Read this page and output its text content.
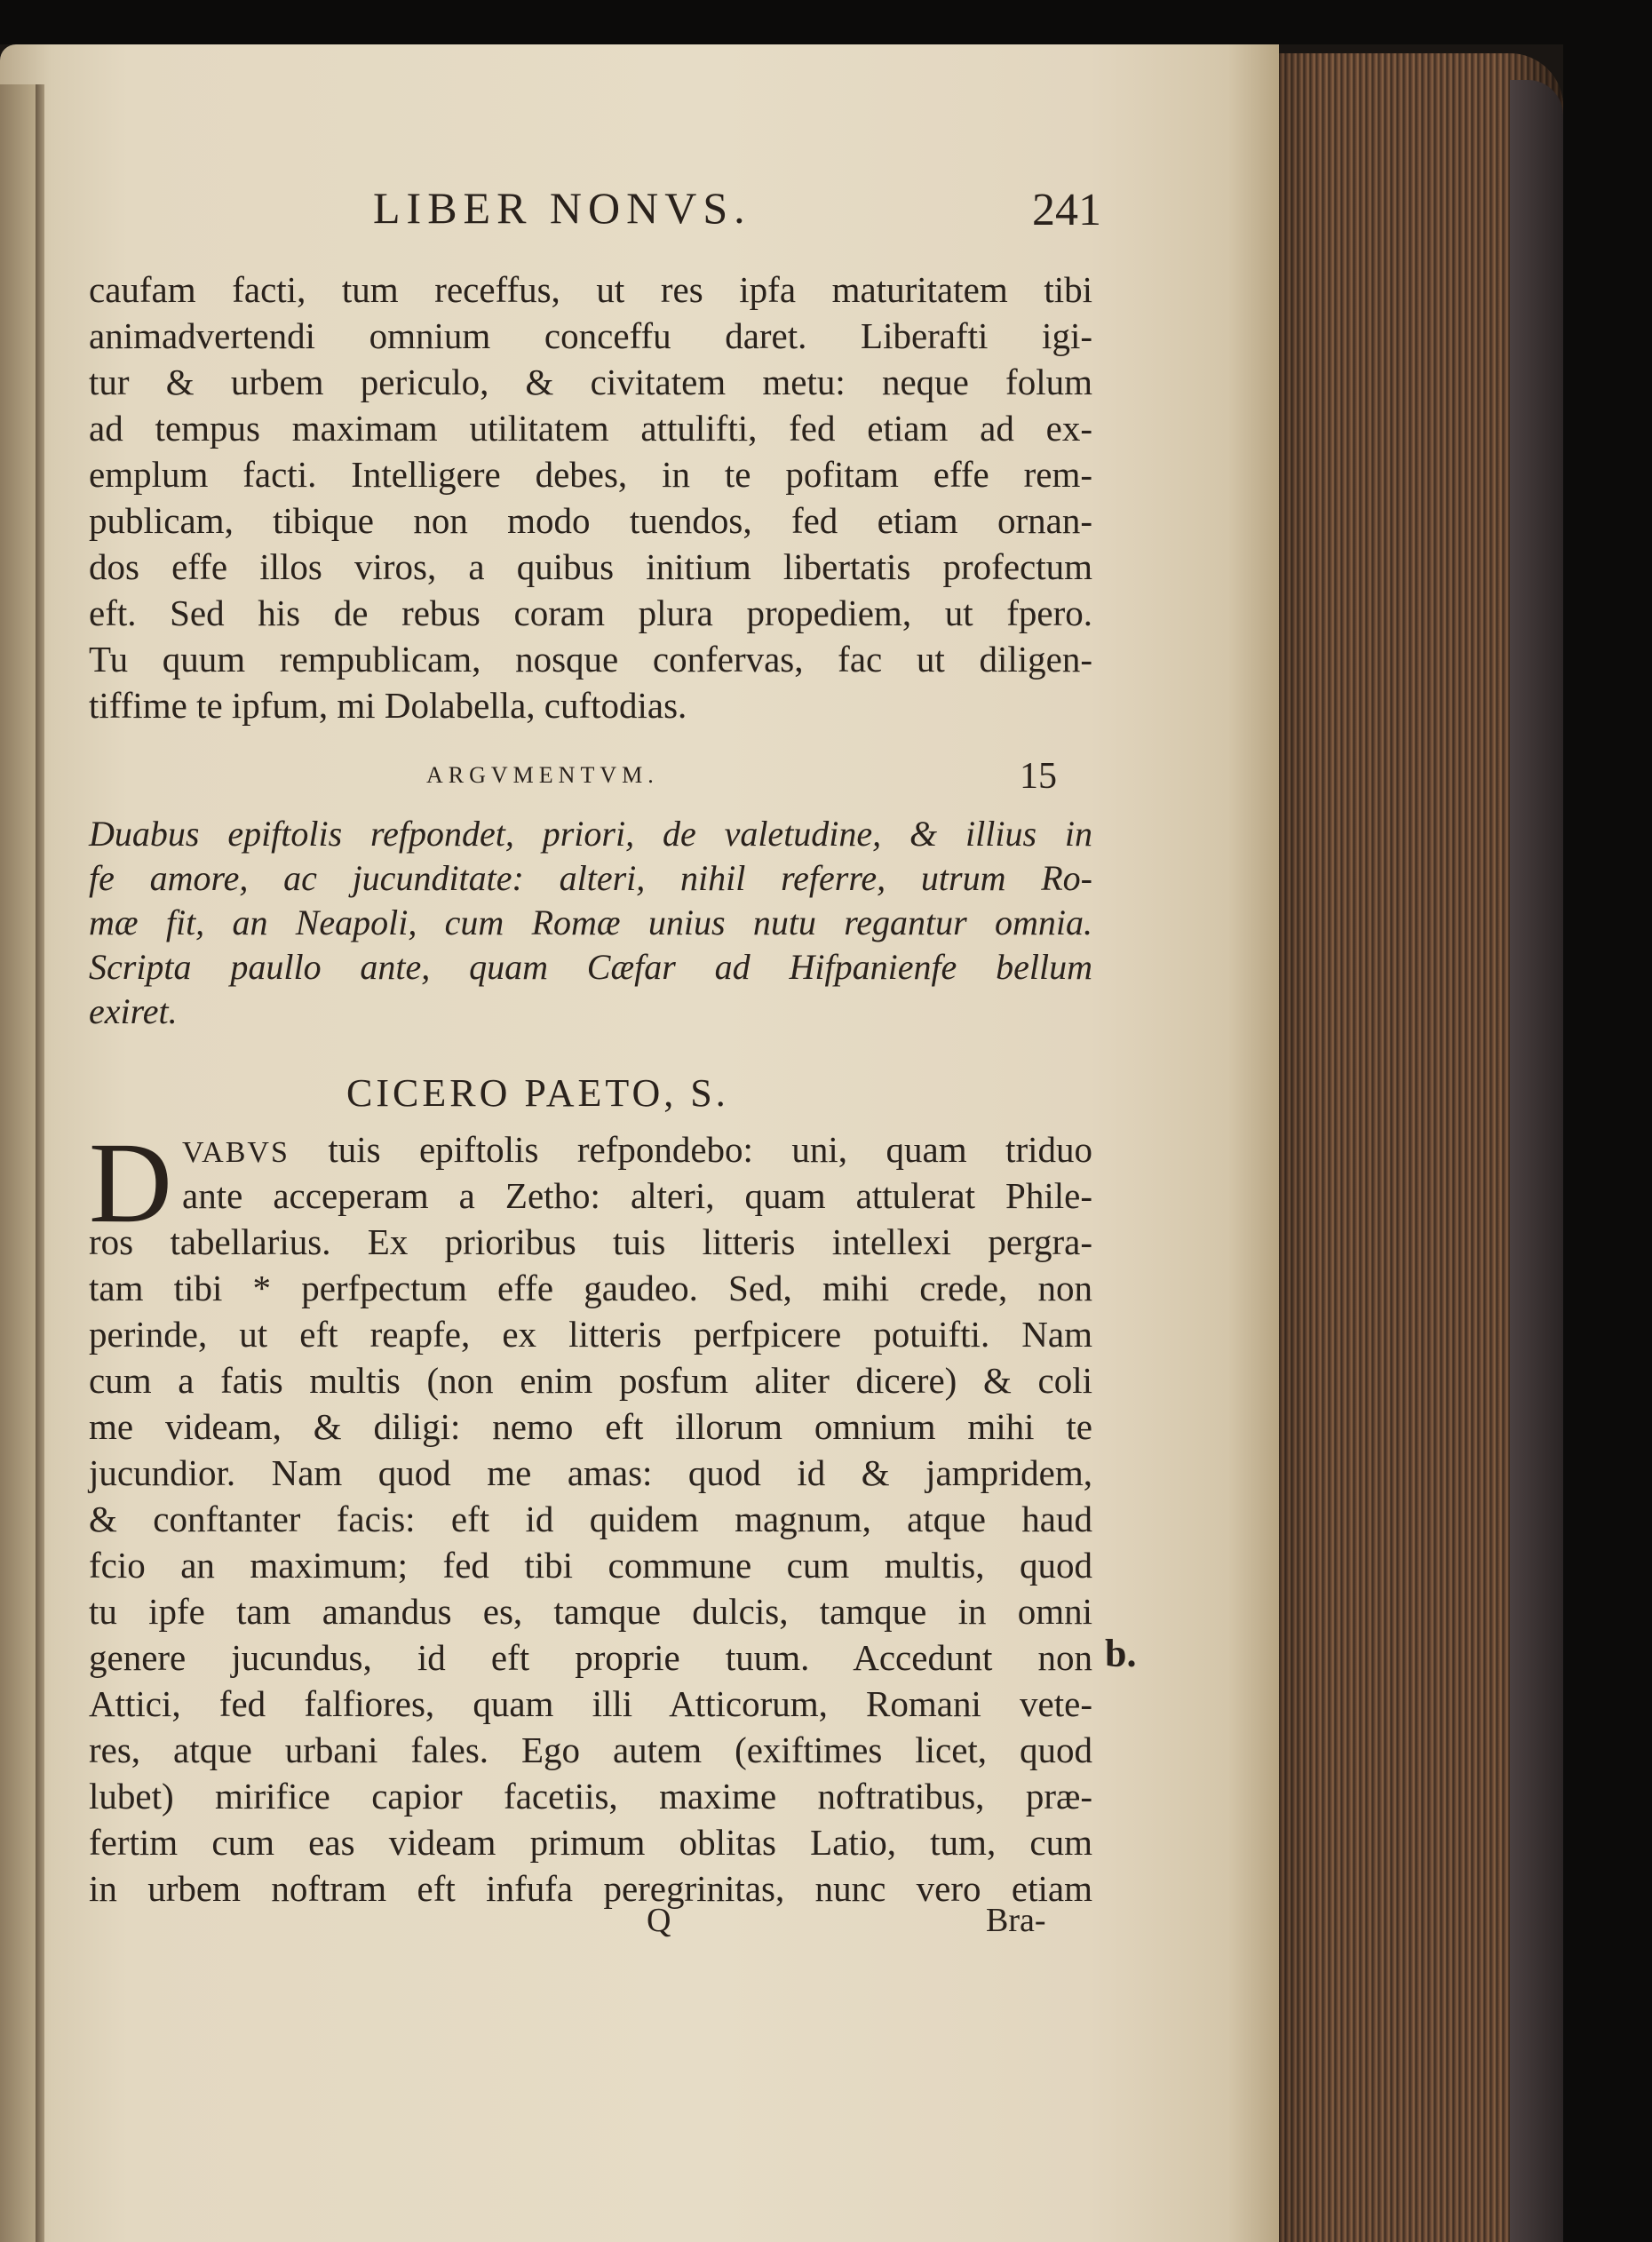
LIBER NONVS.	241
caufam facti, tum receffus, ut res ipfa maturitatem tibi
animadvertendi omnium conceffu daret. Liberafti igi-
tur & urbem periculo, & civitatem metu: neque folum
ad tempus maximam utilitatem attulifti, fed etiam ad ex-
emplum facti. Intelligere debes, in te pofitam effe rem-
publicam, tibique non modo tuendos, fed etiam ornan-
dos effe illos viros, a quibus initium libertatis profectum
eft. Sed his de rebus coram plura propediem, ut fpero.
Tu quum rempublicam, nosque confervas, fac ut diligen-
tiffime te ipfum, mi Dolabella, cuftodias.
ARGVMENTVM.	15
Duabus epiftolis refpondet, priori, de valetudine, & illius in
fe amore, ac jucunditate: alteri, nihil referre, utrum Ro-
mæ fit, an Neapoli, cum Romæ unius nutu regantur omnia.
Scripta paullo ante, quam Cæfar ad Hifpanienfe bellum
exiret.
CICERO PAETO, S.
D VABVS tuis epiftolis refpondebo: uni, quam triduo
ante acceperam a Zetho: alteri, quam attulerat Phile-
ros tabellarius. Ex prioribus tuis litteris intellexi pergra-
tam tibi * perfpectum effe gaudeo. Sed, mihi crede, non
perinde, ut eft reapfe, ex litteris perfpicere potuifti. Nam
cum a fatis multis (non enim posfum aliter dicere) & coli
me videam, & diligi: nemo eft illorum omnium mihi te
jucundior. Nam quod me amas: quod id & jampridem,
& conftanter facis: eft id quidem magnum, atque haud
fcio an maximum; fed tibi commune cum multis, quod
tu ipfe tam amandus es, tamque dulcis, tamque in omni
genere jucundus, id eft proprie tuum. Accedunt non
Attici, fed falfiores, quam illi Atticorum, Romani vete-
res, atque urbani fales. Ego autem (exiftimes licet, quod
lubet) mirifice capior facetiis, maxime noftratibus, præ-
fertim cum eas videam primum oblitas Latio, tum, cum
in urbem noftram eft infufa peregrinitas, nunc vero etiam
b.
Q	Bra-
